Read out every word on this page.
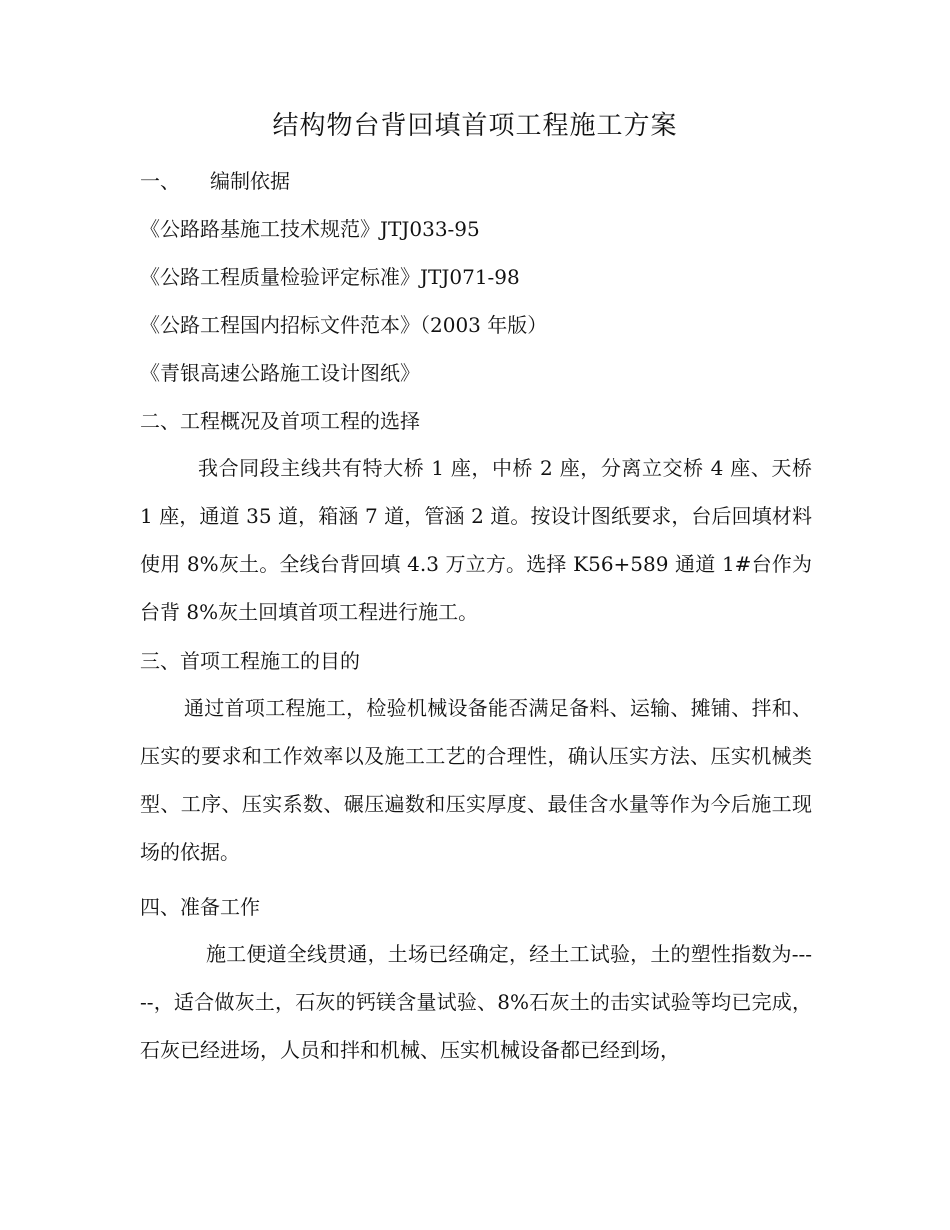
结构物台背回填首项工程施工方案

一、 编制依据

《公路路基施工技术规范》JTJ033-95

《公路工程质量检验评定标准》JTJ071-98

《公路工程国内招标文件范本》（2003 年版）

《青银高速公路施工设计图纸》

二、工程概况及首项工程的选择

我合同段主线共有特大桥 1 座，中桥 2 座，分离立交桥 4 座、天桥 1 座，通道 35 道，箱涵 7 道，管涵 2 道。按设计图纸要求，台后回填材料使用 8%灰土。全线台背回填 4.3 万立方。选择 K56+589 通道 1#台作为台背 8%灰土回填首项工程进行施工。

三、首项工程施工的目的

通过首项工程施工，检验机械设备能否满足备料、运输、摊铺、拌和、压实的要求和工作效率以及施工工艺的合理性，确认压实方法、压实机械类型、工序、压实系数、碾压遍数和压实厚度、最佳含水量等作为今后施工现场的依据。

四、准备工作

施工便道全线贯通，土场已经确定，经土工试验，土的塑性指数为-----，适合做灰土，石灰的钙镁含量试验、8%石灰土的击实试验等均已完成，石灰已经进场，人员和拌和机械、压实机械设备都已经到场，
